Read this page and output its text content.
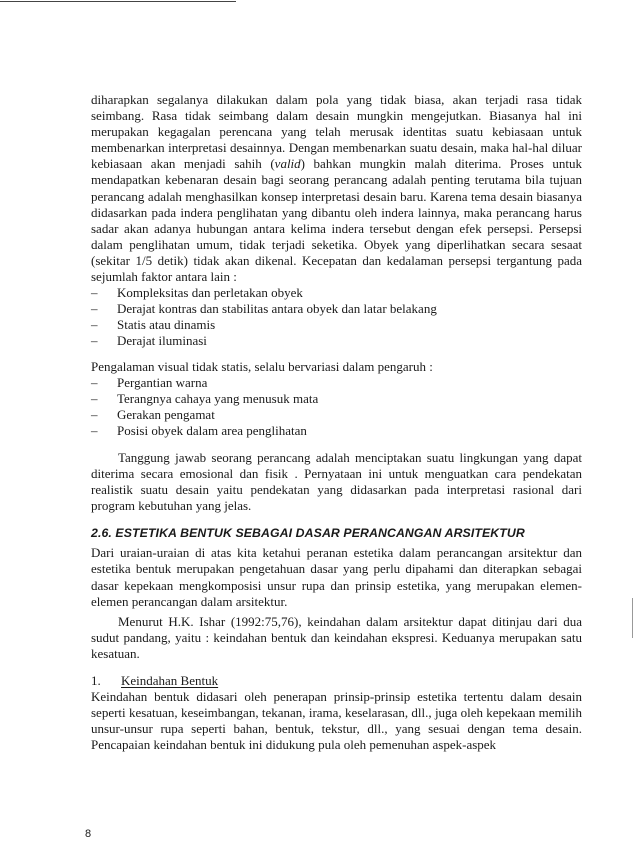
diharapkan segalanya dilakukan dalam pola yang tidak biasa, akan terjadi rasa tidak seimbang. Rasa tidak seimbang dalam desain mungkin mengejutkan. Biasanya hal ini merupakan kegagalan perencana yang telah merusak identitas suatu kebiasaan untuk membenarkan interpretasi desainnya. Dengan membenarkan suatu desain, maka hal-hal diluar kebiasaan akan menjadi sahih (valid) bahkan mungkin malah diterima. Proses untuk mendapatkan kebenaran desain bagi seorang perancang adalah penting terutama bila tujuan perancang adalah menghasilkan konsep interpretasi desain baru. Karena tema desain biasanya didasarkan pada indera penglihatan yang dibantu oleh indera lainnya, maka perancang harus sadar akan adanya hubungan antara kelima indera tersebut dengan efek persepsi. Persepsi dalam penglihatan umum, tidak terjadi seketika. Obyek yang diperlihatkan secara sesaat (sekitar 1/5 detik) tidak akan dikenal. Kecepatan dan kedalaman persepsi tergantung pada sejumlah faktor antara lain :

– Kompleksitas dan perletakan obyek
– Derajat kontras dan stabilitas antara obyek dan latar belakang
– Statis atau dinamis
– Derajat iluminasi

Pengalaman visual tidak statis, selalu bervariasi dalam pengaruh :

– Pergantian warna
– Terangnya cahaya yang menusuk mata
– Gerakan pengamat
– Posisi obyek dalam area penglihatan

Tanggung jawab seorang perancang adalah menciptakan suatu lingkungan yang dapat diterima secara emosional dan fisik . Pernyataan ini untuk menguatkan cara pendekatan realistik suatu desain yaitu pendekatan yang didasarkan pada interpretasi rasional dari program kebutuhan yang jelas.

2.6. ESTETIKA BENTUK SEBAGAI DASAR PERANCANGAN ARSITEKTUR

Dari uraian-uraian di atas kita ketahui peranan estetika dalam perancangan arsitektur dan estetika bentuk merupakan pengetahuan dasar yang perlu dipahami dan diterapkan sebagai dasar kepekaan mengkomposisi unsur rupa dan prinsip estetika, yang merupakan elemen-elemen perancangan dalam arsitektur.

Menurut H.K. Ishar (1992:75,76), keindahan dalam arsitektur dapat ditinjau dari dua sudut pandang, yaitu : keindahan bentuk dan keindahan ekspresi. Keduanya merupakan satu kesatuan.

1. Keindahan Bentuk

Keindahan bentuk didasari oleh penerapan prinsip-prinsip estetika tertentu dalam desain seperti kesatuan, keseimbangan, tekanan, irama, keselarasan, dll., juga oleh kepekaan memilih unsur-unsur rupa seperti bahan, bentuk, tekstur, dll., yang sesuai dengan tema desain. Pencapaian keindahan bentuk ini didukung pula oleh pemenuhan aspek-aspek

8
